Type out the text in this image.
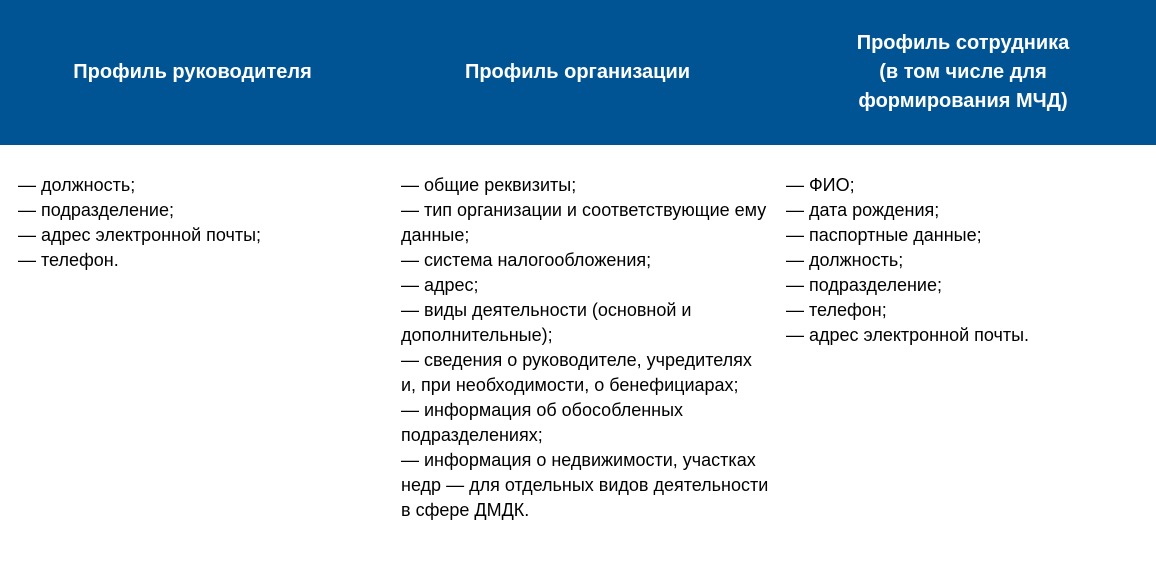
Профиль руководителя	Профиль организации
Профиль сотрудника
(в том числе для
формирования МЧД)
— должность;
— подразделение;
— адрес электронной почты;
— телефон.
— общие реквизиты;
— тип организации и соответствующие ему данные;
— система налогообложения;
— адрес;
— виды деятельности (основной и дополнительные);
— сведения о руководителе, учредителях и, при необходимости, о бенефициарах;
— информация об обособленных подразделениях;
— информация о недвижимости, участках недр — для отдельных видов деятельности в сфере ДМДК.
— ФИО;
— дата рождения;
— паспортные данные;
— должность;
— подразделение;
— телефон;
— адрес электронной почты.
